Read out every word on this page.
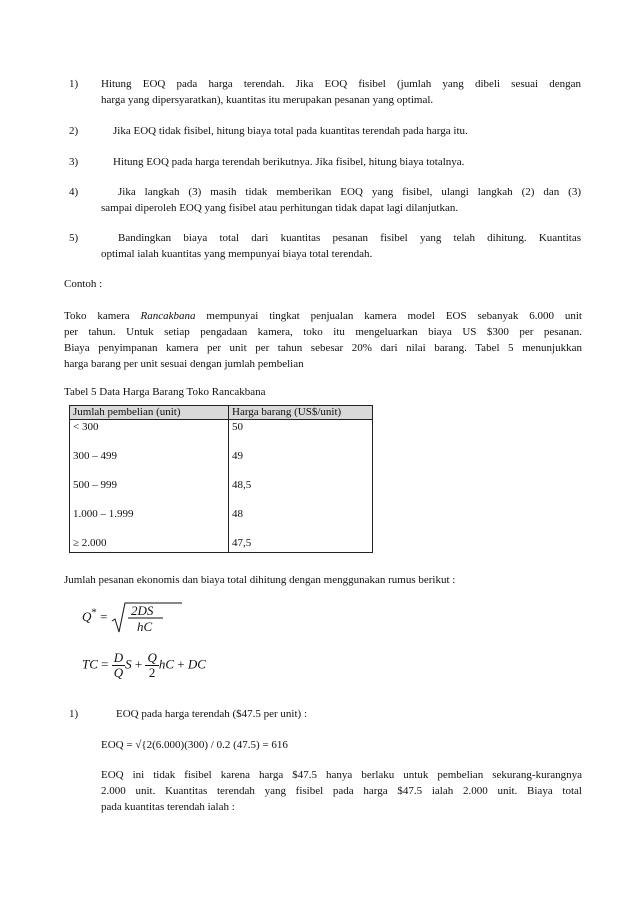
1) Hitung EOQ pada harga terendah. Jika EOQ fisibel (jumlah yang dibeli sesuai dengan
harga yang dipersyaratkan), kuantitas itu merupakan pesanan yang optimal.
2)	Jika EOQ tidak fisibel, hitung biaya total pada kuantitas terendah pada harga itu.
3)	Hitung EOQ pada harga terendah berikutnya. Jika fisibel, hitung biaya totalnya.
4)	Jika langkah (3) masih tidak memberikan EOQ yang fisibel, ulangi langkah (2) dan (3)
sampai diperoleh EOQ yang fisibel atau perhitungan tidak dapat lagi dilanjutkan.
5)	Bandingkan biaya total dari kuantitas pesanan fisibel yang telah dihitung. Kuantitas
optimal ialah kuantitas yang mempunyai biaya total terendah.
Contoh :
Toko kamera Rancakbana mempunyai tingkat penjualan kamera model EOS sebanyak 6.000 unit
per tahun. Untuk setiap pengadaan kamera, toko itu mengeluarkan biaya US $300 per pesanan.
Biaya penyimpanan kamera per unit per tahun sebesar 20% dari nilai barang. Tabel 5 menunjukkan
harga barang per unit sesuai dengan jumlah pembelian
Tabel 5 Data Harga Barang Toko Rancakbana
Jumlah pembelian (unit)	Harga barang (US$/unit)
< 300	50
300 – 499	49
500 – 999	48,5
1.000 – 1.999	48
≥ 2.000	47,5
Jumlah pesanan ekonomis dan biaya total dihitung dengan menggunakan rumus berikut :
Q* = 2DS
hC
TC = $\frac{D}{Q}$ $S + \frac{Q}{2}$ hC + DC
1)	EOQ pada harga terendah ($47.5 per unit) :
EOQ = √{2(6.000)(300) / 0.2 (47.5) = 616
EOQ ini tidak fisibel karena harga $47.5 hanya berlaku untuk pembelian sekurang-kurangnya
2.000 unit. Kuantitas terendah yang fisibel pada harga $47.5 ialah 2.000 unit. Biaya total
pada kuantitas terendah ialah :
